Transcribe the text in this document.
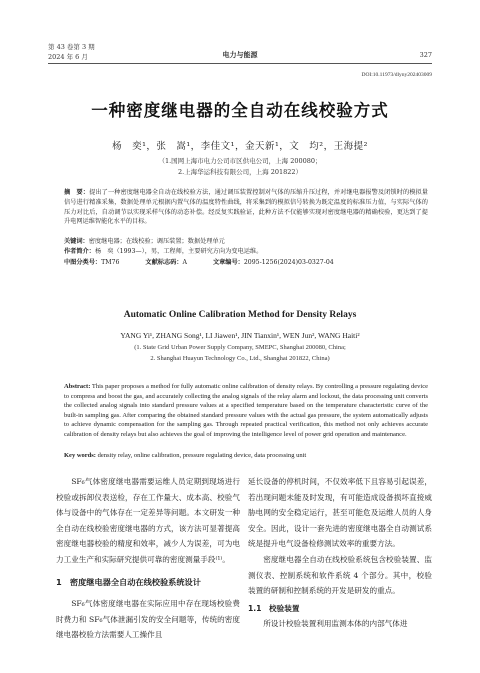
第 43 卷第 3 期
2024 年 6 月	电力与能源	327
DOI:10.11973/dlyny202403009
一种密度继电器的全自动在线校验方式
杨　奕¹，张　嵩¹，李佳文¹，金天新¹，文　均²，王海提²
（1.国网上海市电力公司市区供电公司，上海 200080；
2.上海华运科技有限公司，上海 201822）
摘　要：提出了一种密度继电器全自动在线校验方法，通过调压装置控制对气体的压缩升压过程，并对继电器报警及闭锁时的模拟量信号进行精准采集，数据处理单元根据内置气体的温度特性曲线，将采集到的模拟信号转换为既定温度的标准压力值，与实际气体的压力对比后，自动调节以实现采样气体的动态补偿。经反复实践验证，此种方法不仅能够实现对密度继电器的精确校验，更达到了提升电网运维智能化水平的目标。
关键词：密度继电器；在线校验；调压装置；数据处理单元
作者简介：杨　奕（1993—），男，工程师，主要研究方向为变电运维。
中图分类号：TM76	文献标志码：A	文章编号：2095-1256(2024)03-0327-04
Automatic Online Calibration Method for Density Relays
YANG Yi¹, ZHANG Song¹, LI Jiawen¹, JIN Tianxin¹, WEN Jun², WANG Haiti²
(1. State Grid Urban Power Supply Company, SMEPC, Shanghai 200080, China;
2. Shanghai Huayun Technology Co., Ltd., Shanghai 201822, China)
Abstract: This paper proposes a method for fully automatic online calibration of density relays. By controlling a pressure regulating device to compress and boost the gas, and accurately collecting the analog signals of the relay alarm and lockout, the data processing unit converts the collected analog signals into standard pressure values at a specified temperature based on the temperature characteristic curve of the built-in sampling gas. After comparing the obtained standard pressure values with the actual gas pressure, the system automatically adjusts to achieve dynamic compensation for the sampling gas. Through repeated practical verification, this method not only achieves accurate calibration of density relays but also achieves the goal of improving the intelligence level of power grid operation and maintenance.
Key words: density relay, online calibration, pressure regulating device, data processing unit

SF₆气体密度继电器需要运维人员定期到现场进行校验或拆卸仪表送检，存在工作量大、成本高、校验气体与设备中的气体存在一定差异等问题。本文研发一种全自动在线校验密度继电器的方式，该方法可显著提高密度继电器校验的精度和效率，减少人为误差，可为电力工业生产和实际研究提供可靠的密度测量手段⁽¹⁾。

1　密度继电器全自动在线校验系统设计

SF₆气体密度继电器在实际应用中存在现场校验费时费力和 SF₆气体泄漏引发的安全问题等，传统的密度继电器校验方法需要人工操作且

延长设备的停机时间，不仅效率低下且容易引起误差，若出现问题未能及时发现，有可能造成设备损坏直接威胁电网的安全稳定运行，甚至可能危及运维人员的人身安全。因此，设计一套先进的密度继电器全自动测试系统是提升电气设备检修测试效率的重要方法。

密度继电器全自动在线校验系统包含校验装置、监测仪表、控制系统和软件系统 4 个部分。其中，校验装置的研制和控制系统的开发是研发的重点。

1.1　校验装置

所设计校验装置利用监测本体的内部气体进
